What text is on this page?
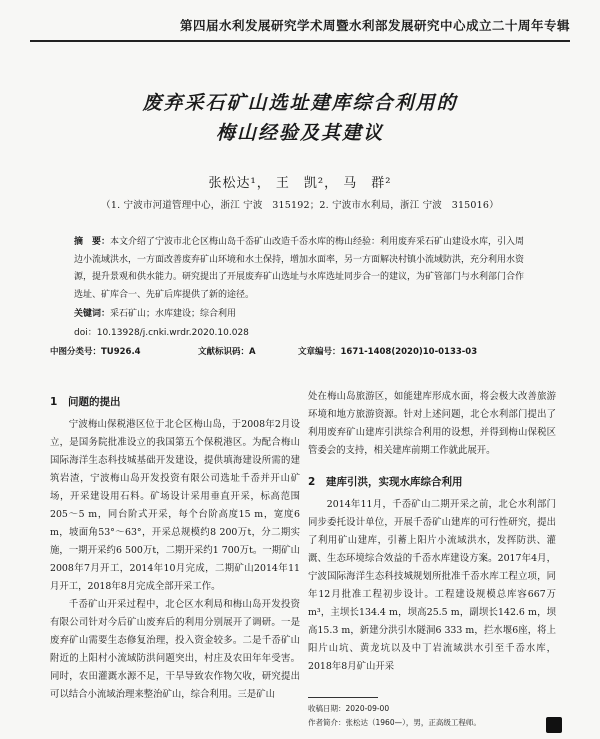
第四届水利发展研究学术周暨水利部发展研究中心成立二十周年专辑
废弃采石矿山选址建库综合利用的
梅山经验及其建议
张松达¹， 王　凯²， 马　群²
（1. 宁波市河道管理中心，浙江 宁波　315192；2. 宁波市水利局，浙江 宁波　315016）
摘　要：本文介绍了宁波市北仑区梅山岛千岙矿山改造千岙水库的梅山经验：利用废弃采石矿山建设水库，引入周边小流域洪水，一方面改善废弃矿山环境和水土保持，增加水面率，另一方面解决村镇小流域防洪，充分利用水资源，提升景观和供水能力。研究提出了开展废弃矿山选址与水库选址同步合一的建议，为矿管部门与水利部门合作选址、矿库合一、先矿后库提供了新的途径。
关键词：采石矿山；水库建设；综合利用
doi：10.13928/j.cnki.wrdr.2020.10.028
中图分类号：TU926.4	文献标识码：A	文章编号：1671-1408(2020)10-0133-03
1 问题的提出

宁波梅山保税港区位于北仑区梅山岛，于2008年2月设立，是国务院批准设立的我国第五个保税港区。为配合梅山国际海洋生态科技城基础开发建设，提供填海建设所需的建筑岩渣，宁波梅山岛开发投资有限公司选址千岙并开山矿场，开采建设用石料。矿场设计采用垂直开采，标高范围205～5 m，同台阶式开采，每个台阶高度15 m，宽度6 m，坡面角53°～63°，开采总规模约8 200万t，分二期实施，一期开采约6 500万t，二期开采约1 700万t。一期矿山2008年7月开工，2014年10月完成，二期矿山2014年11月开工，2018年8月完成全部开采工作。

千岙矿山开采过程中，北仑区水利局和梅山岛开发投资有限公司针对今后矿山废弃后的利用分别展开了调研。一是废弃矿山需要生态修复治理，投入资金较多。二是千岙矿山附近的上阳村小流域防洪问题突出，村庄及农田年年受害。同时，农田灌溉水源不足，干旱导致农作物欠收，研究提出可以结合小流域治理来整治矿山，综合利用。三是矿山

处在梅山岛旅游区，如能建库形成水面，将会极大改善旅游环境和地方旅游资源。针对上述问题，北仑水利部门提出了利用废弃矿山建库引洪综合利用的设想，并得到梅山保税区管委会的支持，相关建库前期工作就此展开。

2 建库引洪，实现水库综合利用

2014年11月，千岙矿山二期开采之前，北仑水利部门同步委托设计单位，开展千岙矿山建库的可行性研究，提出了利用矿山建库，引蓄上阳片小流域洪水，发挥防洪、灌溉、生态环境综合效益的千岙水库建设方案。2017年4月，宁波国际海洋生态科技城规划所批准千岙水库工程立项，同年12月批准工程初步设计。工程建设规模总库容667万m³，主坝长134.4 m，坝高25.5 m，副坝长142.6 m，坝高15.3 m，新建分洪引水隧洞6 333 m，拦水堰6座，将上阳片山坑、黄龙坑以及中丁岩流域洪水引至千岙水库，2018年8月矿山开采

收稿日期：2020-09-00
作者简介：张松达（1960—），男，正高级工程师。
